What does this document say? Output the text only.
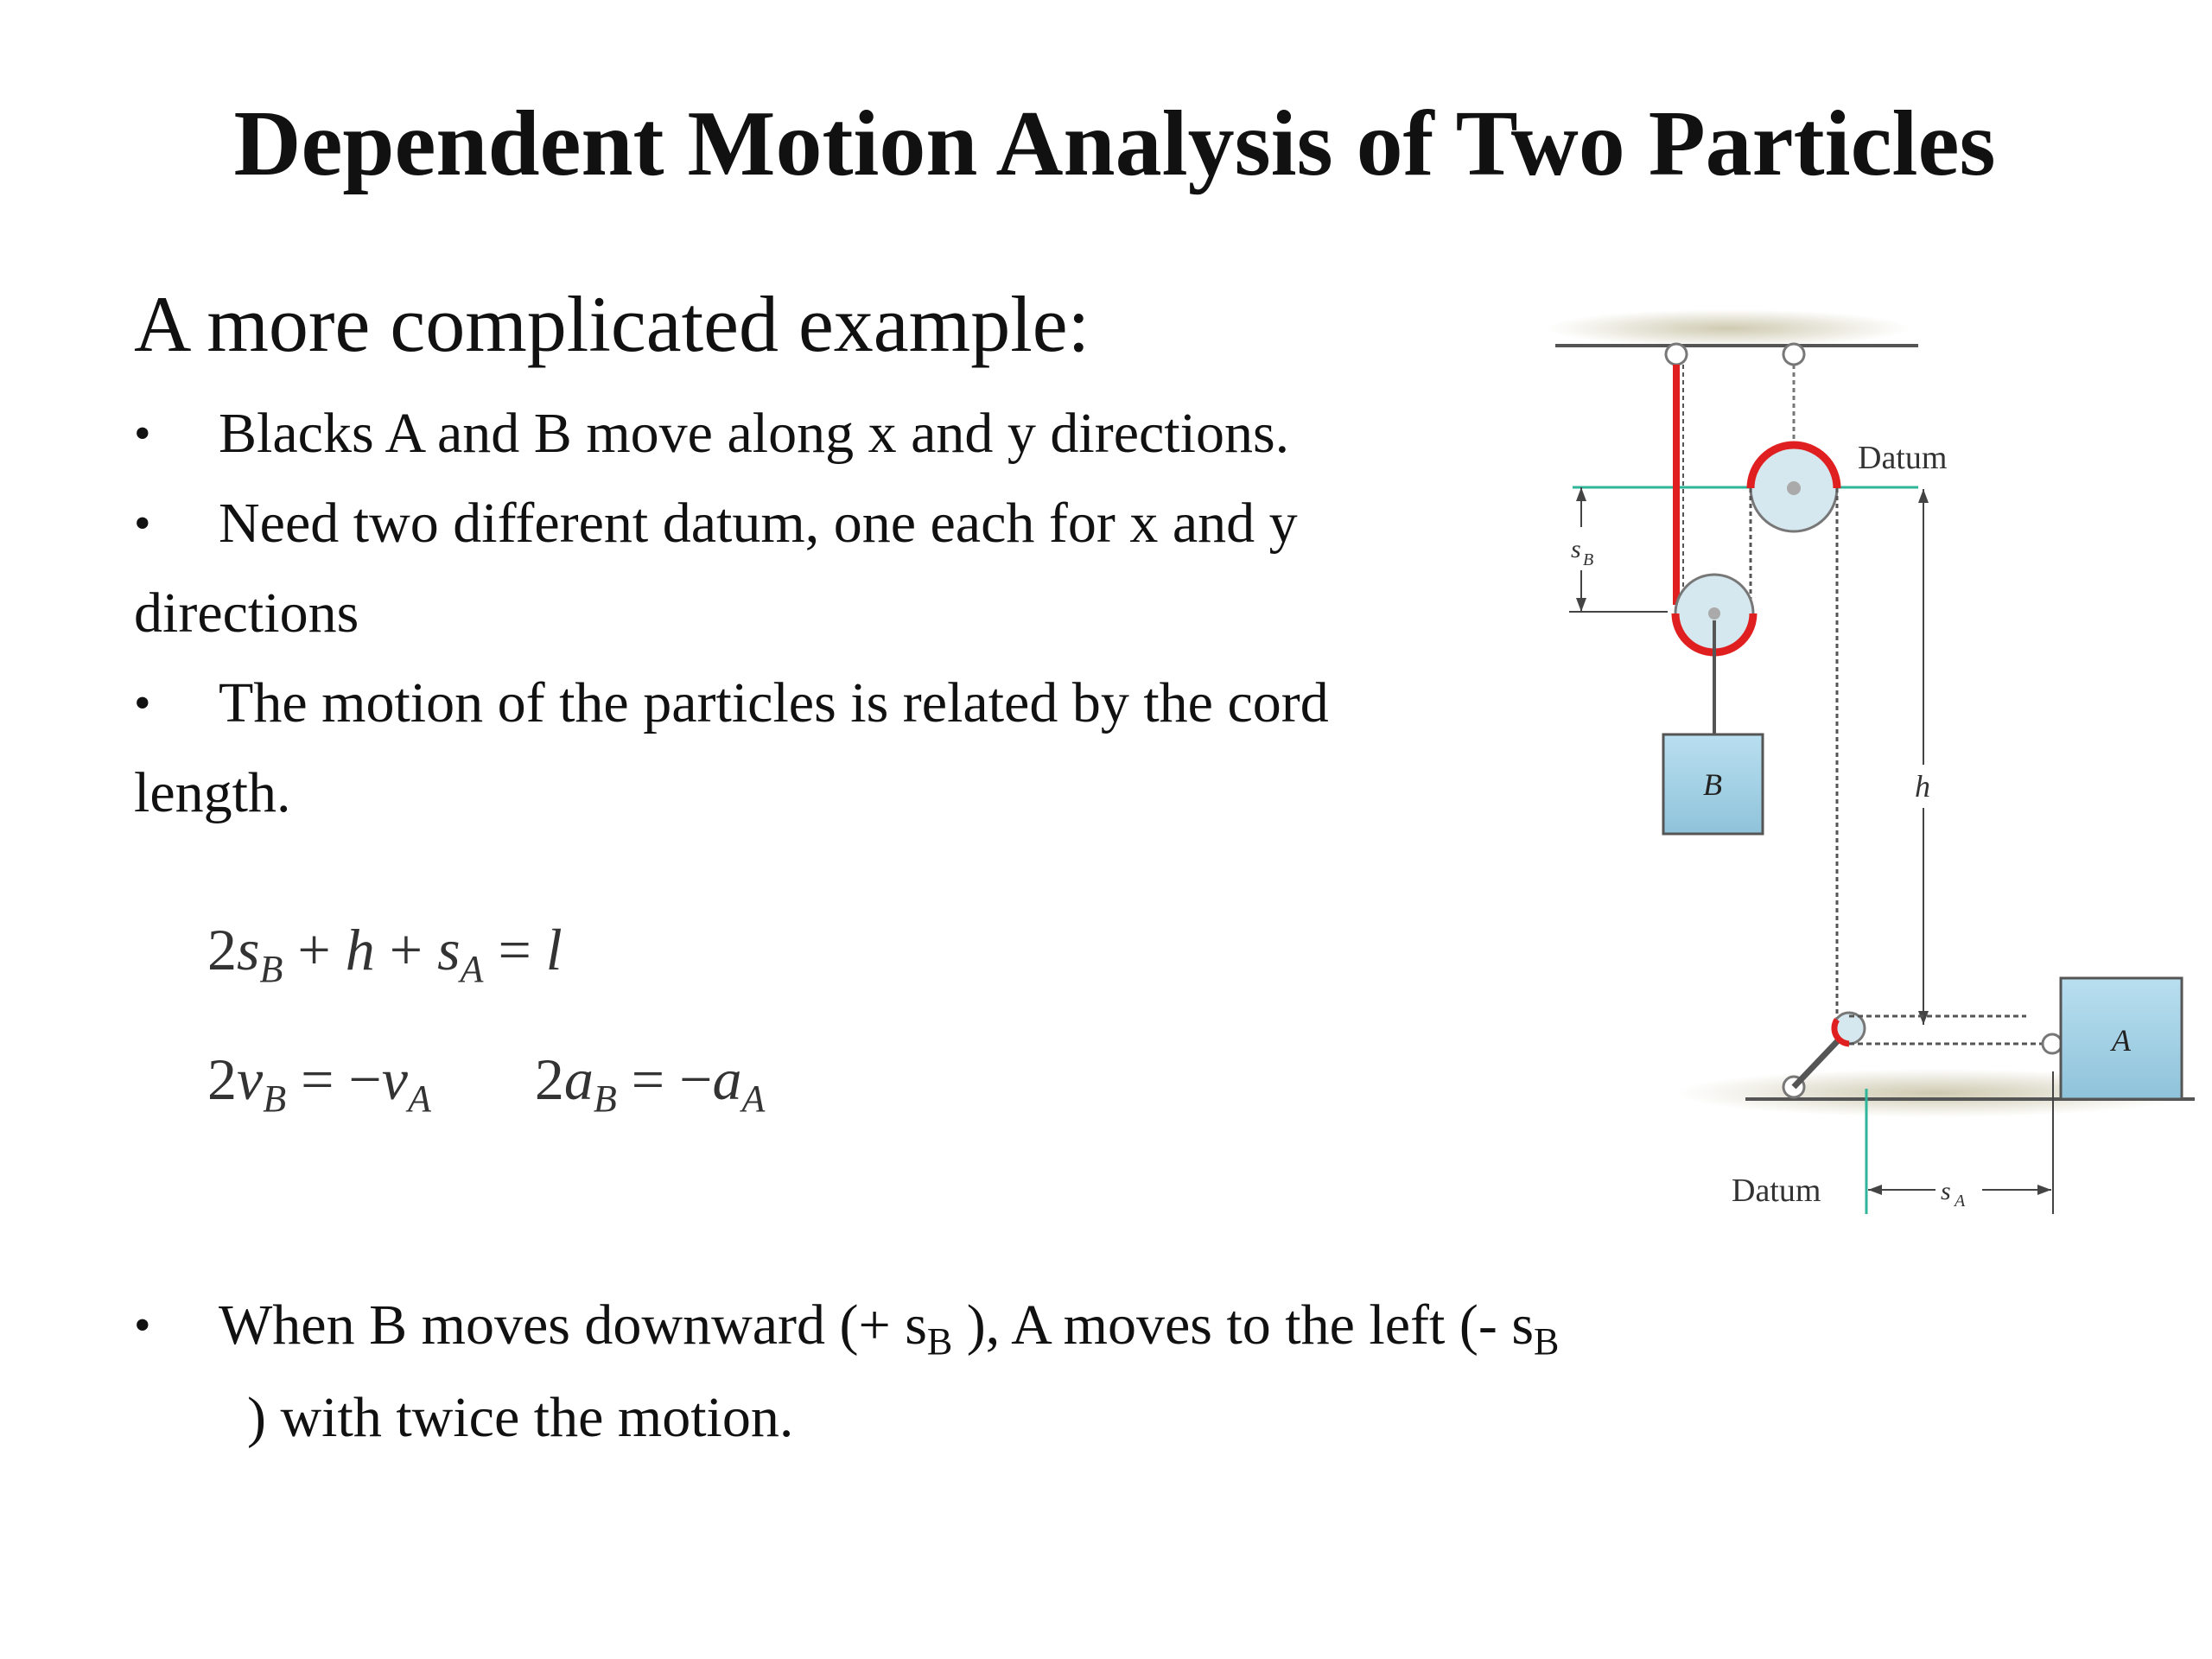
Dependent Motion Analysis of Two Particles

A more complicated example:

• Blacks A and B move along x and y directions.
• Need two different datum, one each for x and y directions
• The motion of the particles is related by the cord length.
$2s_B + h + s_A = l$
$2v_B = -v_A$ $2a_B = -a_A$
• When B moves downward (+ $s_B$ ), A moves to the left (- $s_B$  ) with twice the motion.
B
s B
Datum
h
A
s A
Datum
